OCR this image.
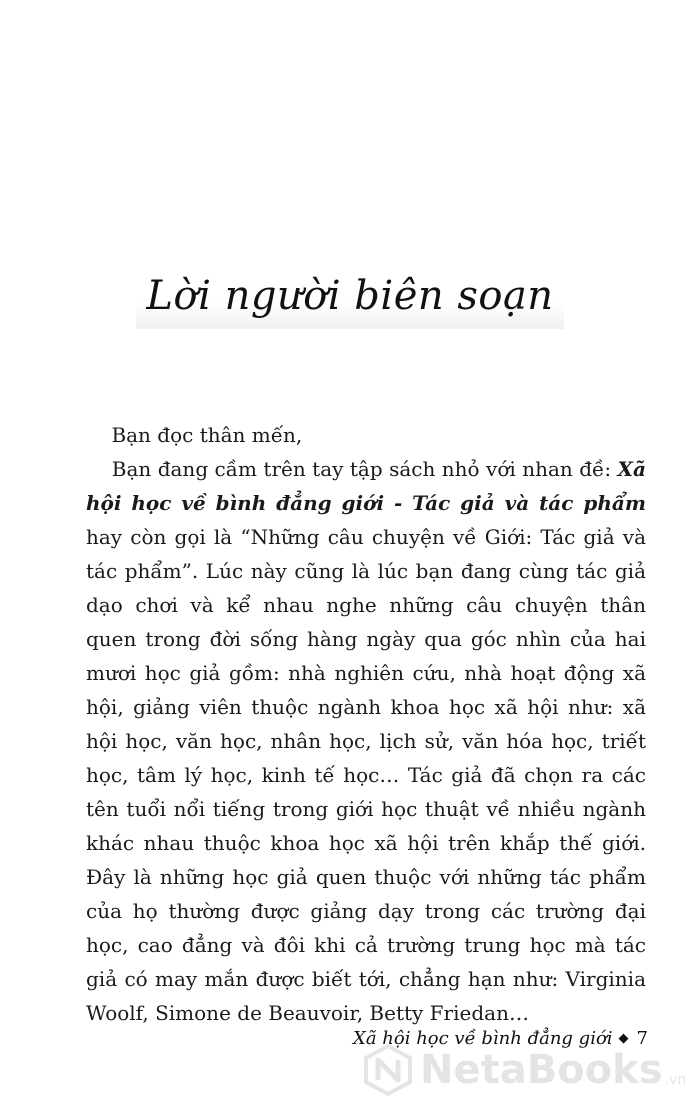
Lời người biên soạn

Bạn đọc thân mến,

Bạn đang cầm trên tay tập sách nhỏ với nhan đề: Xã hội học về bình đẳng giới - Tác giả và tác phẩm hay còn gọi là “Những câu chuyện về Giới: Tác giả và tác phẩm”. Lúc này cũng là lúc bạn đang cùng tác giả dạo chơi và kể nhau nghe những câu chuyện thân quen trong đời sống hàng ngày qua góc nhìn của hai mươi học giả gồm: nhà nghiên cứu, nhà hoạt động xã hội, giảng viên thuộc ngành khoa học xã hội như: xã hội học, văn học, nhân học, lịch sử, văn hóa học, triết học, tâm lý học, kinh tế học… Tác giả đã chọn ra các tên tuổi nổi tiếng trong giới học thuật về nhiều ngành khác nhau thuộc khoa học xã hội trên khắp thế giới. Đây là những học giả quen thuộc với những tác phẩm của họ thường được giảng dạy trong các trường đại học, cao đẳng và đôi khi cả trường trung học mà tác giả có may mắn được biết tới, chẳng hạn như: Virginia Woolf, Simone de Beauvoir, Betty Friedan…

Xã hội học về bình đẳng giới ◆ 7
NetaBooks .vn
